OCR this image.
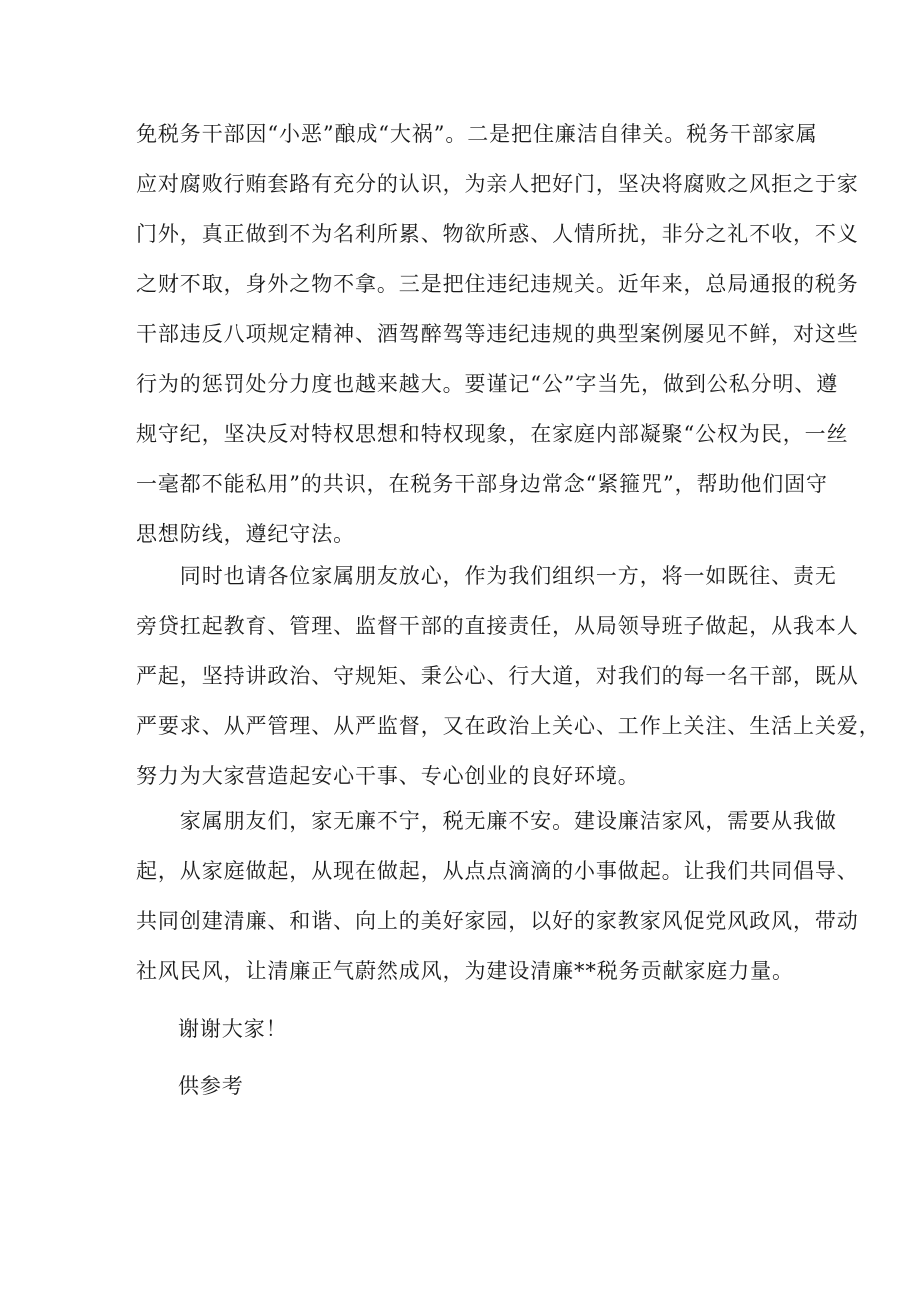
免税务干部因“小恶”酿成“大祸”。二是把住廉洁自律关。税务干部家属
应对腐败行贿套路有充分的认识，为亲人把好门，坚决将腐败之风拒之于家
门外，真正做到不为名利所累、物欲所惑、人情所扰，非分之礼不收，不义
之财不取，身外之物不拿。三是把住违纪违规关。近年来，总局通报的税务
干部违反八项规定精神、酒驾醉驾等违纪违规的典型案例屡见不鲜，对这些
行为的惩罚处分力度也越来越大。要谨记“公”字当先，做到公私分明、遵
规守纪，坚决反对特权思想和特权现象，在家庭内部凝聚“公权为民，一丝
一毫都不能私用”的共识，在税务干部身边常念“紧箍咒”，帮助他们固守
思想防线，遵纪守法。
　　同时也请各位家属朋友放心，作为我们组织一方，将一如既往、责无
旁贷扛起教育、管理、监督干部的直接责任，从局领导班子做起，从我本人
严起，坚持讲政治、守规矩、秉公心、行大道，对我们的每一名干部，既从
严要求、从严管理、从严监督，又在政治上关心、工作上关注、生活上关爱，
努力为大家营造起安心干事、专心创业的良好环境。
　　家属朋友们，家无廉不宁，税无廉不安。建设廉洁家风，需要从我做
起，从家庭做起，从现在做起，从点点滴滴的小事做起。让我们共同倡导、
共同创建清廉、和谐、向上的美好家园，以好的家教家风促党风政风，带动
社风民风，让清廉正气蔚然成风，为建设清廉**税务贡献家庭力量。
谢谢大家！
供参考
